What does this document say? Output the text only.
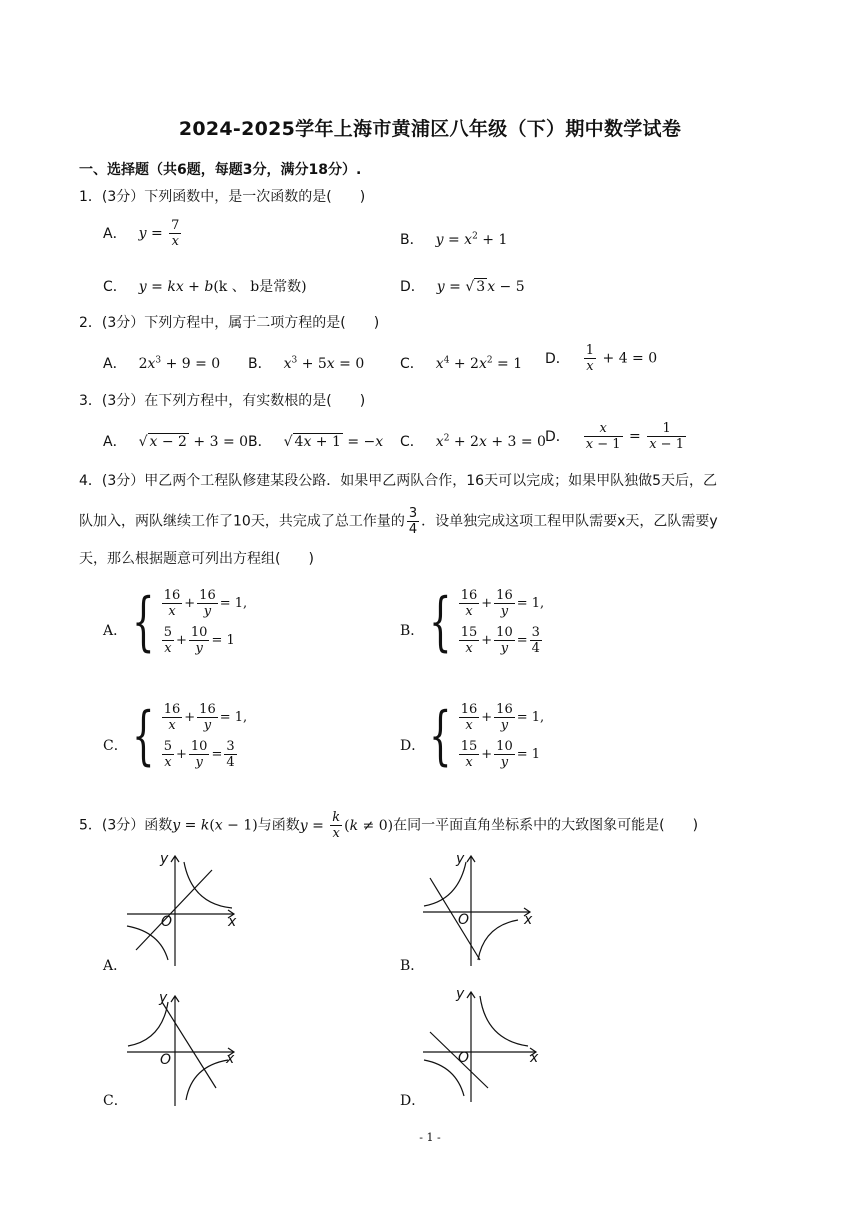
2024-2025学年上海市黄浦区八年级（下）期中数学试卷
一、选择题（共6题，每题3分，满分18分）.
1．(3分）下列函数中，是一次函数的是(　　)
A． $y = \frac{7}{x}$	B． $y = x^2 + 1$
C． y = kx + b(k 、 b是常数)	D． y = √ 3 x − 5
2．(3分）下列方程中，属于二项方程的是(　　)
A． $2x^3 + 9 = 0$ B． $x^3 + 5x = 0$	C． $x^4 + 2x^2 = 1$ D． $\frac{1}{x} + 4 = 0$
3．(3分）在下列方程中，有实数根的是(　　)
A． √ x − 2 + 3 = 0 B． √ 4x + 1 = −x C． $x^2 + 2x + 3 = 0$ D． $\frac{x}{x - 1} = \frac{1}{x - 1}$
4．(3分）甲乙两个工程队修建某段公路．如果甲乙两队合作，16天可以完成；如果甲队独做5天后，乙
队加入，两队继续工作了10天，共完成了总工作量的 $\frac{3}{4}$ ．设单独完成这项工程甲队需要x天，乙队需要y
天，那么根据题意可列出方程组(　　)
A． { $\frac{16}{x} + \frac{16}{y} = 1$,
$\frac{5}{x} + \frac{10}{y} = 1$
B． { $\frac{16}{x} + \frac{16}{y} = 1$,
$\frac{15}{x} + \frac{10}{y} = \frac{3}{4}$
C． { $\frac{16}{x} + \frac{16}{y} = 1$,
$\frac{5}{x} + \frac{10}{y} = \frac{3}{4}$	D． { $\frac{16}{x} + \frac{16}{y} = 1$,
$\frac{15}{x} + \frac{10}{y} = 1$
5．(3分）函数y = k(x − 1)与函数$y = \frac{k}{x} (k \ne 0)$在同一平面直角坐标系中的大致图象可能是(　　)
y
x
O
A．
y
x
O
B．
y
x
O
C．
y
x
O
D．
- 1 -
